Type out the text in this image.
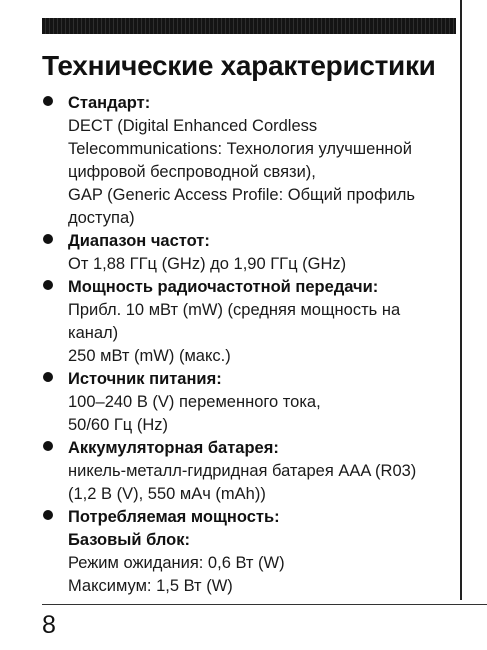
Технические характеристики
Стандарт:
DECT (Digital Enhanced Cordless
Telecommunications: Технология улучшенной
цифровой беспроводной связи),
GAP (Generic Access Profile: Общий профиль
доступа)
Диапазон частот:
От 1,88 ГГц (GHz) до 1,90 ГГц (GHz)
Мощность радиочастотной передачи:
Прибл. 10 мВт (mW) (средняя мощность на
канал)
250 мВт (mW) (макс.)
Источник питания:
100–240 В (V) переменного тока,
50/60 Гц (Hz)
Аккумуляторная батарея:
никель-металл-гидридная батарея AAA (R03)
(1,2 В (V), 550 мАч (mAh))
Потребляемая мощность:
Базовый блок:
Режим ожидания: 0,6 Вт (W)
Максимум: 1,5 Вт (W)
8
